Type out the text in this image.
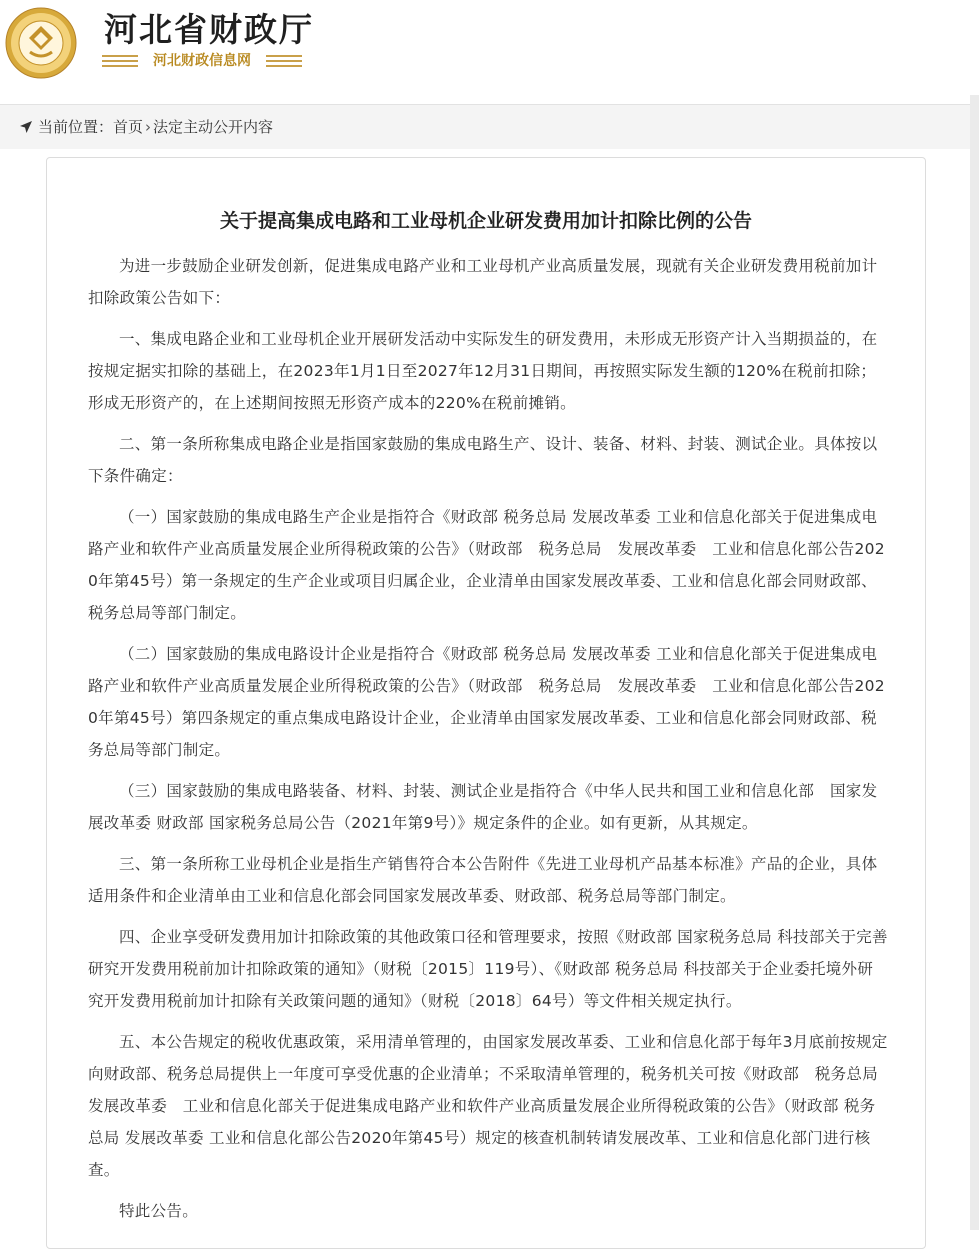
河北省财政厅
河北财政信息网
当前位置：首页 › 法定主动公开内容
关于提高集成电路和工业母机企业研发费用加计扣除比例的公告

为进一步鼓励企业研发创新，促进集成电路产业和工业母机产业高质量发展，现就有关企业研发费用税前加计扣除政策公告如下：

一、集成电路企业和工业母机企业开展研发活动中实际发生的研发费用，未形成无形资产计入当期损益的，在按规定据实扣除的基础上，在2023年1月1日至2027年12月31日期间，再按照实际发生额的120%在税前扣除；形成无形资产的，在上述期间按照无形资产成本的220%在税前摊销。

二、第一条所称集成电路企业是指国家鼓励的集成电路生产、设计、装备、材料、封装、测试企业。具体按以下条件确定：

（一）国家鼓励的集成电路生产企业是指符合《财政部 税务总局 发展改革委 工业和信息化部关于促进集成电路产业和软件产业高质量发展企业所得税政策的公告》（财政部　税务总局　发展改革委　工业和信息化部公告2020年第45号）第一条规定的生产企业或项目归属企业，企业清单由国家发展改革委、工业和信息化部会同财政部、税务总局等部门制定。

（二）国家鼓励的集成电路设计企业是指符合《财政部 税务总局 发展改革委 工业和信息化部关于促进集成电路产业和软件产业高质量发展企业所得税政策的公告》（财政部　税务总局　发展改革委　工业和信息化部公告2020年第45号）第四条规定的重点集成电路设计企业，企业清单由国家发展改革委、工业和信息化部会同财政部、税务总局等部门制定。

（三）国家鼓励的集成电路装备、材料、封装、测试企业是指符合《中华人民共和国工业和信息化部　国家发展改革委 财政部 国家税务总局公告（2021年第9号）》规定条件的企业。如有更新，从其规定。

三、第一条所称工业母机企业是指生产销售符合本公告附件《先进工业母机产品基本标准》产品的企业，具体适用条件和企业清单由工业和信息化部会同国家发展改革委、财政部、税务总局等部门制定。

四、企业享受研发费用加计扣除政策的其他政策口径和管理要求，按照《财政部 国家税务总局 科技部关于完善研究开发费用税前加计扣除政策的通知》（财税〔2015〕119号）、《财政部 税务总局 科技部关于企业委托境外研究开发费用税前加计扣除有关政策问题的通知》（财税〔2018〕64号）等文件相关规定执行。

五、本公告规定的税收优惠政策，采用清单管理的，由国家发展改革委、工业和信息化部于每年3月底前按规定向财政部、税务总局提供上一年度可享受优惠的企业清单；不采取清单管理的，税务机关可按《财政部　税务总局　发展改革委　工业和信息化部关于促进集成电路产业和软件产业高质量发展企业所得税政策的公告》（财政部 税务总局 发展改革委 工业和信息化部公告2020年第45号）规定的核查机制转请发展改革、工业和信息化部门进行核查。

特此公告。
